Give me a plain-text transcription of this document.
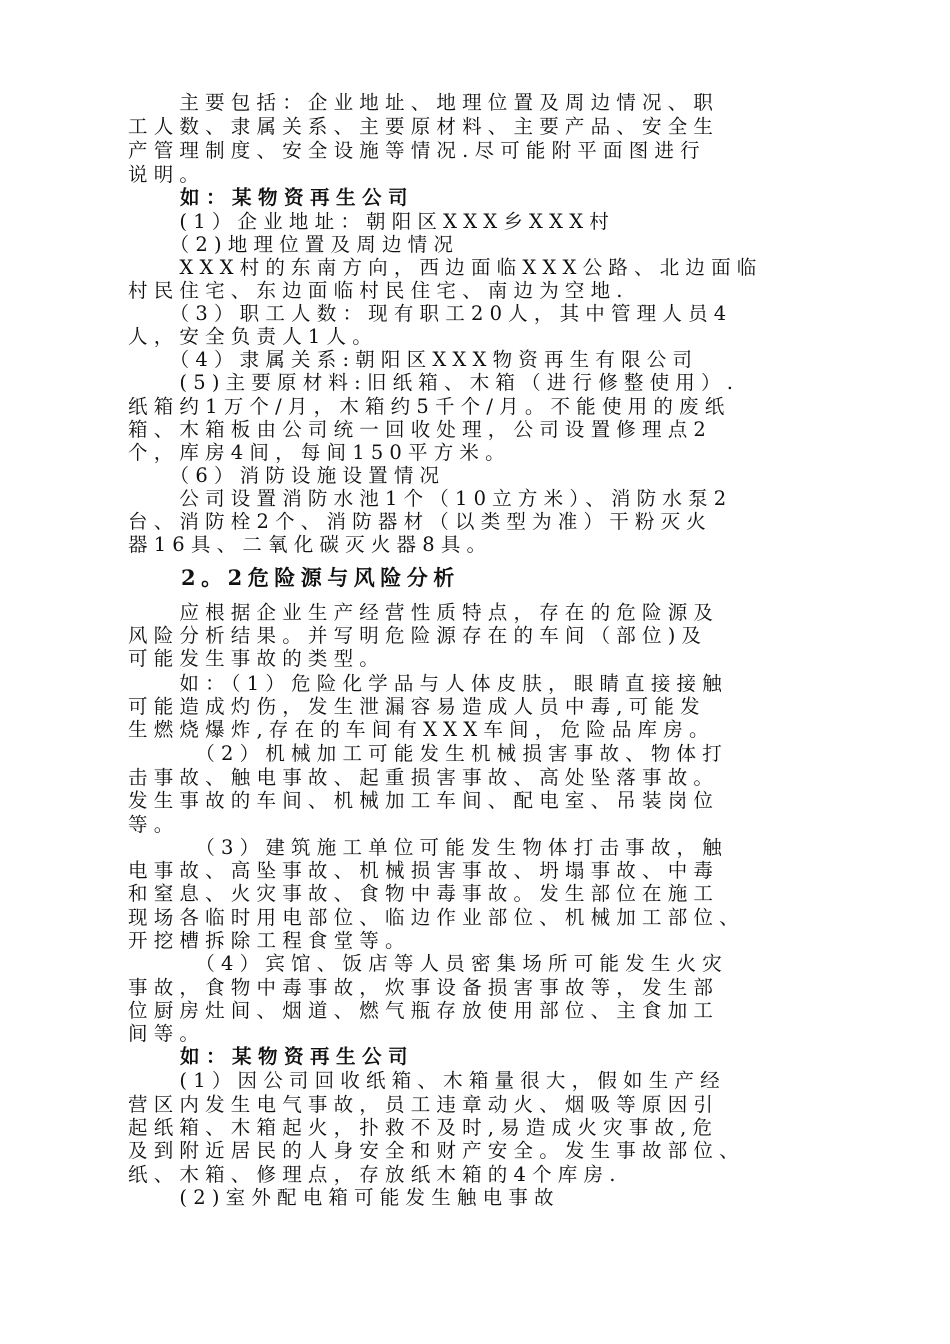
　　主要包括：企业地址、地理位置及周边情况、职
工人数、隶属关系、主要原材料、主要产品、安全生
产管理制度、安全设施等情况.尽可能附平面图进行
说明。
　　如：某物资再生公司
　　(1）企业地址：朝阳区XXX乡XXX村
　　（2)地理位置及周边情况
　　XXX村的东南方向，西边面临XXX公路、北边面临
村民住宅、东边面临村民住宅、南边为空地.
　　（3）职工人数：现有职工20人，其中管理人员4
人，安全负责人1人。
　　（4）隶属关系:朝阳区XXX物资再生有限公司
　　(5)主要原材料:旧纸箱、木箱（进行修整使用）.
纸箱约1万个/月，木箱约5千个/月。不能使用的废纸
箱、木箱板由公司统一回收处理，公司设置修理点2
个，库房4间，每间150平方米。
　　（6）消防设施设置情况
　　公司设置消防水池1个（10立方米）、消防水泵2
台、消防栓2个、消防器材（以类型为准）干粉灭火
器16具、二氧化碳灭火器8具。
　　2。2危险源与风险分析
　　应根据企业生产经营性质特点，存在的危险源及
风险分析结果。并写明危险源存在的车间（部位)及
可能发生事故的类型。
　　如：（1）危险化学品与人体皮肤，眼睛直接接触
可能造成灼伤，发生泄漏容易造成人员中毒,可能发
生燃烧爆炸,存在的车间有XXX车间，危险品库房。
　　　（2）机械加工可能发生机械损害事故、物体打
击事故、触电事故、起重损害事故、高处坠落事故。
发生事故的车间、机械加工车间、配电室、吊装岗位
等。
　　　（3）建筑施工单位可能发生物体打击事故，触
电事故、高坠事故、机械损害事故、坍塌事故、中毒
和窒息、火灾事故、食物中毒事故。发生部位在施工
现场各临时用电部位、临边作业部位、机械加工部位、
开挖槽拆除工程食堂等。
　　　（4）宾馆、饭店等人员密集场所可能发生火灾
事故，食物中毒事故，炊事设备损害事故等，发生部
位厨房灶间、烟道、燃气瓶存放使用部位、主食加工
间等。
　　如：某物资再生公司
　　(1）因公司回收纸箱、木箱量很大，假如生产经
营区内发生电气事故，员工违章动火、烟吸等原因引
起纸箱、木箱起火，扑救不及时,易造成火灾事故,危
及到附近居民的人身安全和财产安全。发生事故部位、
纸、木箱、修理点，存放纸木箱的4个库房.
　　(2)室外配电箱可能发生触电事故
